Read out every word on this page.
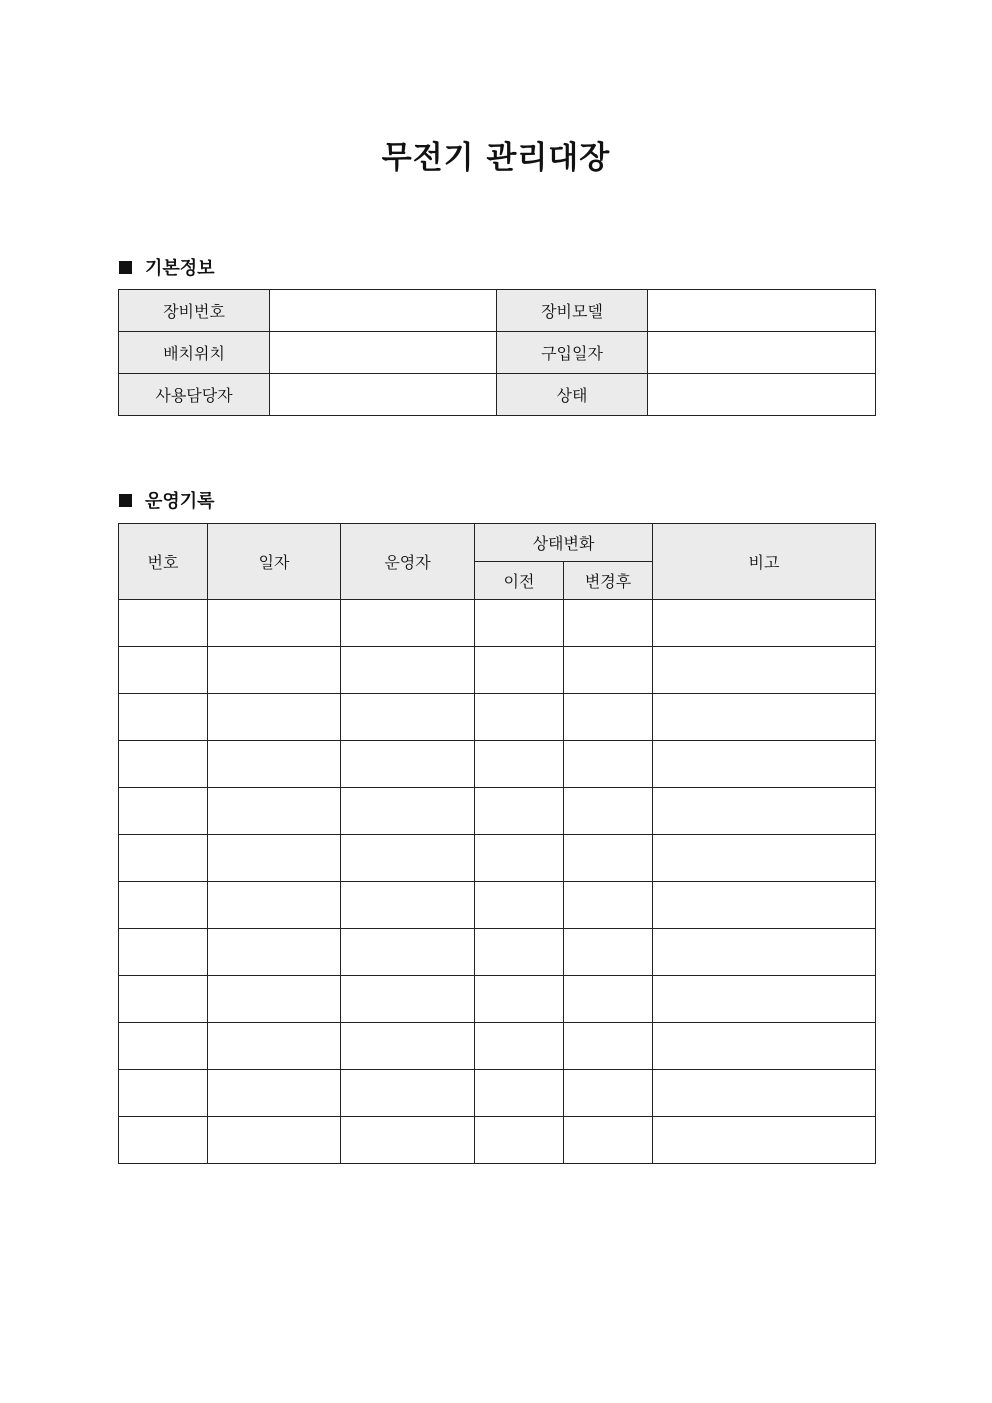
무전기 관리대장
기본정보
장비번호		장비모델	
배치위치		구입일자	
사용담당자		상태	
운영기록
번호	일자	운영자	상태변화		비고
			이전	변경후	
